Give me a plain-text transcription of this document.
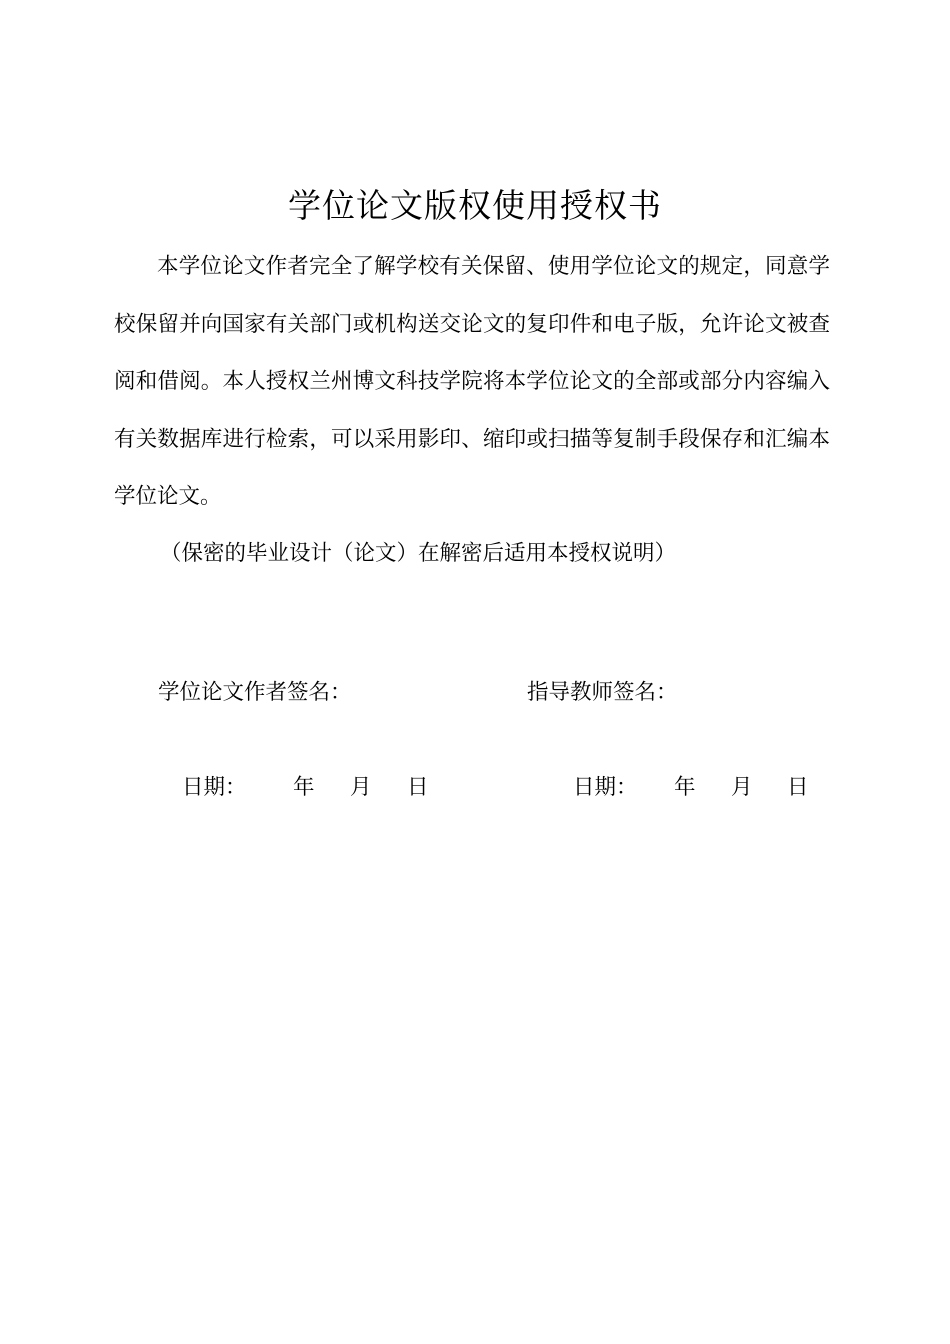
学位论文版权使用授权书

本学位论文作者完全了解学校有关保留、使用学位论文的规定，同意学校保留并向国家有关部门或机构送交论文的复印件和电子版，允许论文被查阅和借阅。本人授权兰州博文科技学院将本学位论文的全部或部分内容编入有关数据库进行检索，可以采用影印、缩印或扫描等复制手段保存和汇编本学位论文。

（保密的毕业设计（论文）在解密后适用本授权说明）

学位论文作者签名：	指导教师签名：
日期： 年 月 日	日期： 年 月 日
